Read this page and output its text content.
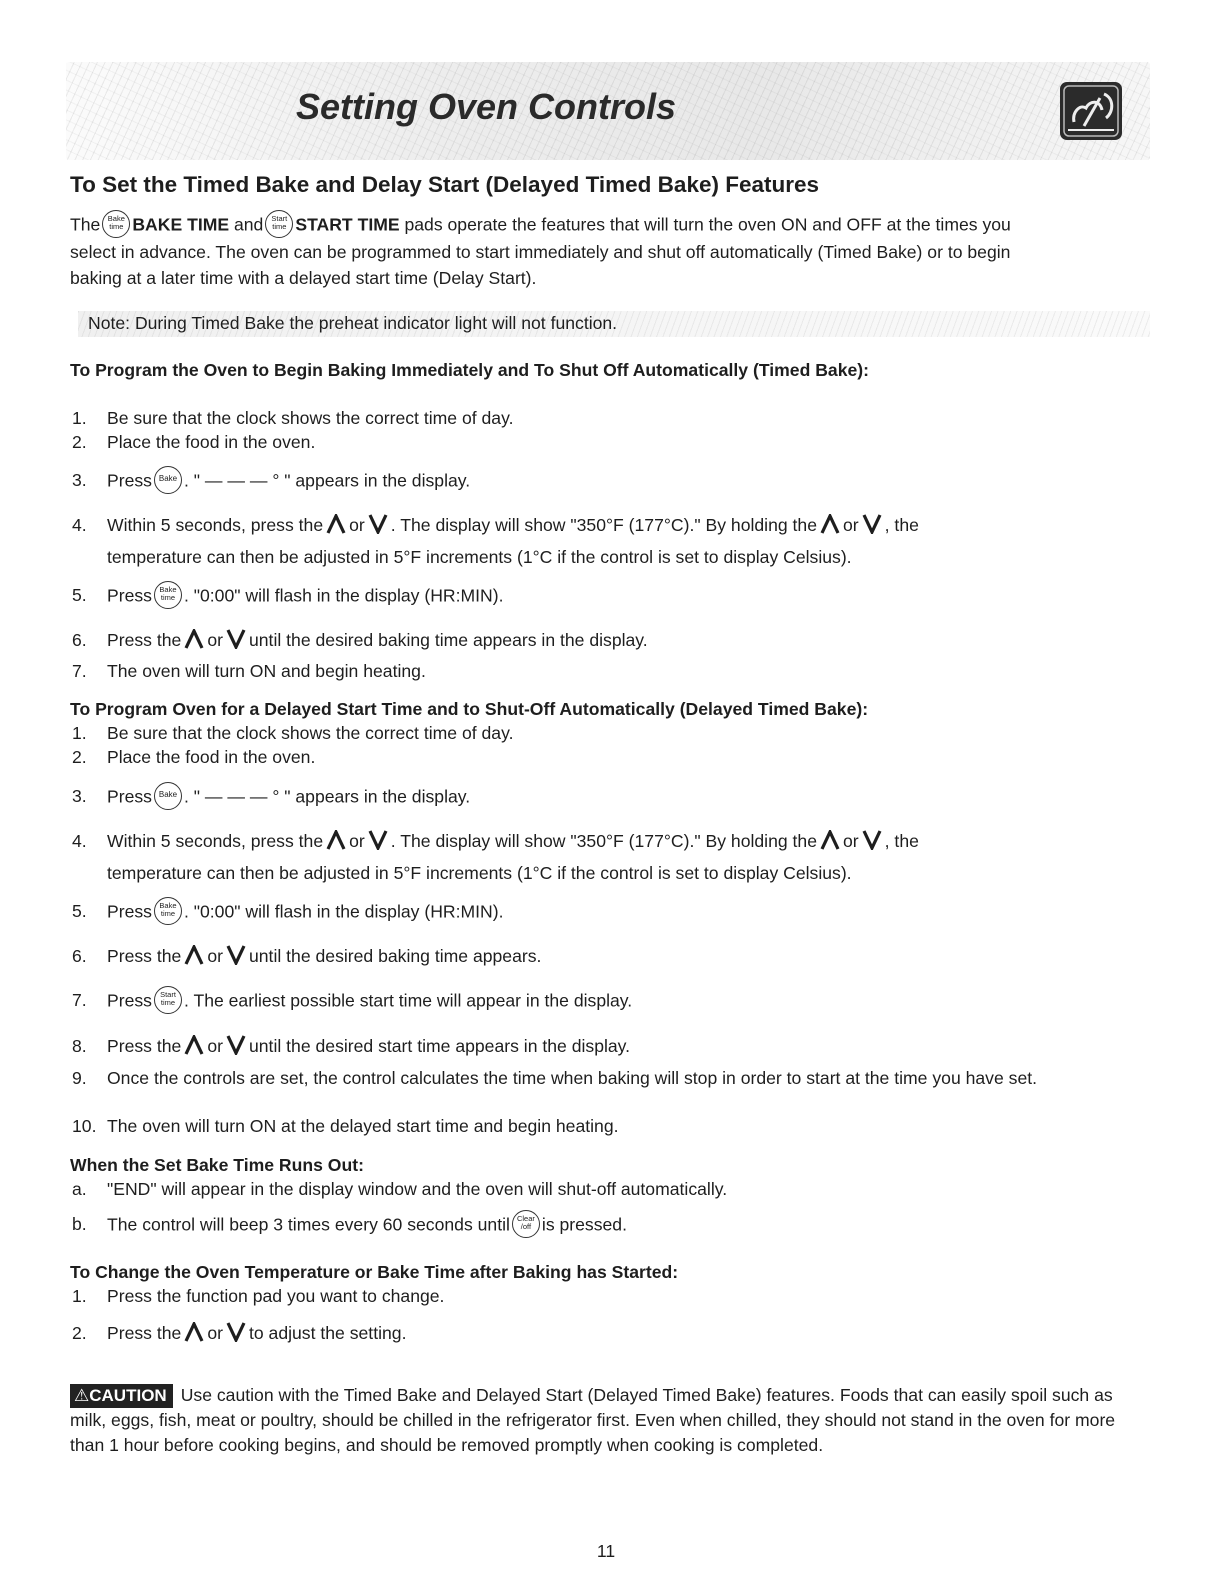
Setting Oven Controls
To Set the Timed Bake and Delay Start (Delayed Timed Bake) Features
The Bake
time BAKE TIME and Start
time START TIME pads operate the features that will turn the oven ON and OFF at the times you
select in advance. The oven can be programmed to start immediately and shut off automatically (Timed Bake) or to begin
baking at a later time with a delayed start time (Delay Start).
Note: During Timed Bake the preheat indicator light will not function.
To Program the Oven to Begin Baking Immediately and To Shut Off Automatically (Timed Bake):
1. Be sure that the clock shows the correct time of day.
2. Place the food in the oven.
3. Press Bake . " — — — ° " appears in the display.
4. Within 5 seconds, press the or . The display will show "350°F (177°C)." By holding the or , the
temperature can then be adjusted in 5°F increments (1°C if the control is set to display Celsius).
5. Press Bake
time . "0:00" will flash in the display (HR:MIN).
6. Press the or until the desired baking time appears in the display.
7. The oven will turn ON and begin heating.
To Program Oven for a Delayed Start Time and to Shut-Off Automatically (Delayed Timed Bake):
1. Be sure that the clock shows the correct time of day.
2. Place the food in the oven.
3. Press Bake . " — — — ° " appears in the display.
4. Within 5 seconds, press the or . The display will show "350°F (177°C)." By holding the or , the
temperature can then be adjusted in 5°F increments (1°C if the control is set to display Celsius).
5. Press Bake
time . "0:00" will flash in the display (HR:MIN).
6. Press the or until the desired baking time appears.
7. Press Start
time . The earliest possible start time will appear in the display.
8. Press the or until the desired start time appears in the display.
9. Once the controls are set, the control calculates the time when baking will stop in order to start at the time you have set.
10. The oven will turn ON at the delayed start time and begin heating.
When the Set Bake Time Runs Out:
a. "END" will appear in the display window and the oven will shut-off automatically.
b. The control will beep 3 times every 60 seconds until Clear
/off is pressed.
To Change the Oven Temperature or Bake Time after Baking has Started:
1. Press the function pad you want to change.
2. Press the or to adjust the setting.
⚠CAUTION Use caution with the Timed Bake and Delayed Start (Delayed Timed Bake) features. Foods that can easily spoil such as milk, eggs, fish, meat or poultry, should be chilled in the refrigerator first. Even when chilled, they should not stand in the oven for more than 1 hour before cooking begins, and should be removed promptly when cooking is completed.
11
